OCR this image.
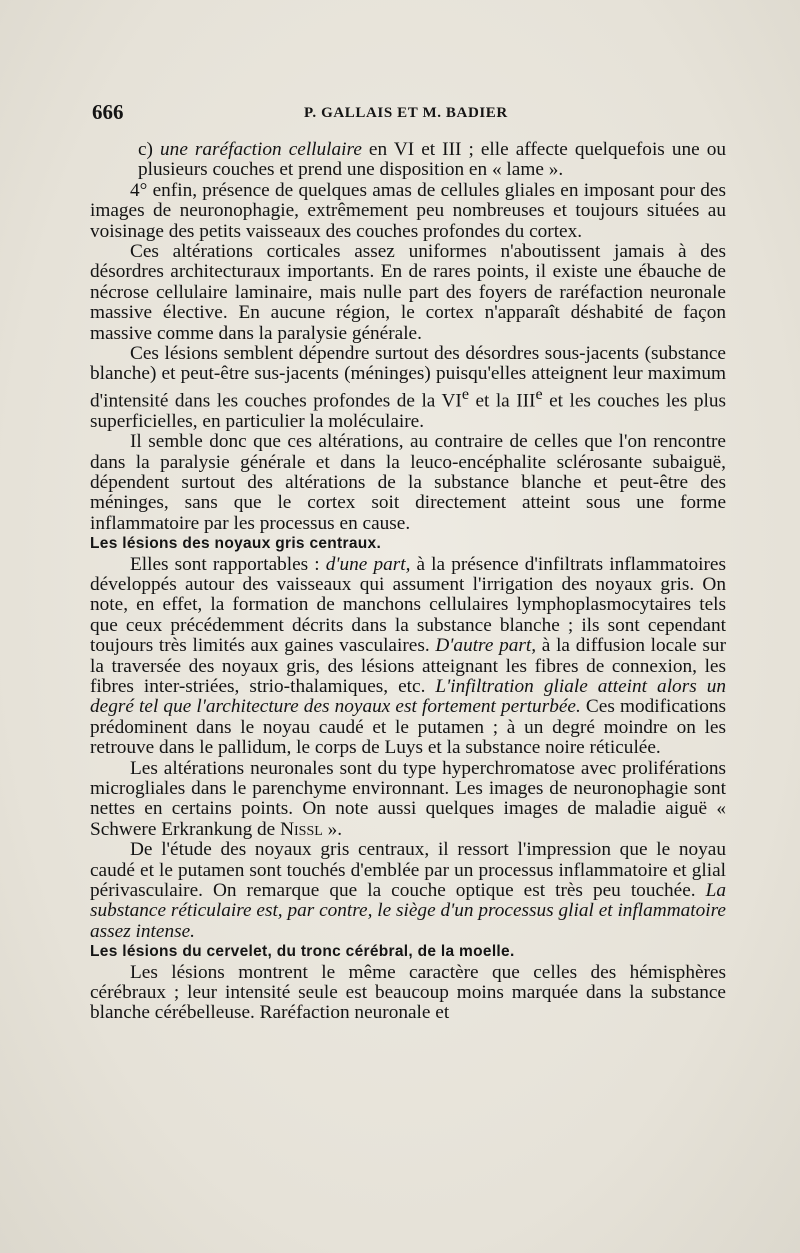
666	P. GALLAIS ET M. BADIER

c) une raréfaction cellulaire en VI et III ; elle affecte quelquefois une ou plusieurs couches et prend une disposition en « lame ».

4° enfin, présence de quelques amas de cellules gliales en imposant pour des images de neuronophagie, extrêmement peu nombreuses et toujours situées au voisinage des petits vaisseaux des couches profondes du cortex.

Ces altérations corticales assez uniformes n'aboutissent jamais à des désordres architecturaux importants. En de rares points, il existe une ébauche de nécrose cellulaire laminaire, mais nulle part des foyers de raréfaction neuronale massive élective. En aucune région, le cortex n'apparaît déshabité de façon massive comme dans la paralysie générale.

Ces lésions semblent dépendre surtout des désordres sous-jacents (substance blanche) et peut-être sus-jacents (méninges) puisqu'elles atteignent leur maximum d'intensité dans les couches profondes de la VIe et la IIIe et les couches les plus superficielles, en particulier la moléculaire.

Il semble donc que ces altérations, au contraire de celles que l'on rencontre dans la paralysie générale et dans la leuco-encéphalite sclérosante subaiguë, dépendent surtout des altérations de la substance blanche et peut-être des méninges, sans que le cortex soit directement atteint sous une forme inflammatoire par les processus en cause.

Les lésions des noyaux gris centraux.

Elles sont rapportables : d'une part, à la présence d'infiltrats inflammatoires développés autour des vaisseaux qui assument l'irrigation des noyaux gris. On note, en effet, la formation de manchons cellulaires lymphoplasmocytaires tels que ceux précédemment décrits dans la substance blanche ; ils sont cependant toujours très limités aux gaines vasculaires. D'autre part, à la diffusion locale sur la traversée des noyaux gris, des lésions atteignant les fibres de connexion, les fibres inter-striées, strio-thalamiques, etc. L'infiltration gliale atteint alors un degré tel que l'architecture des noyaux est fortement perturbée. Ces modifications prédominent dans le noyau caudé et le putamen ; à un degré moindre on les retrouve dans le pallidum, le corps de Luys et la substance noire réticulée.

Les altérations neuronales sont du type hyperchromatose avec proliférations microgliales dans le parenchyme environnant. Les images de neuronophagie sont nettes en certains points. On note aussi quelques images de maladie aiguë « Schwere Erkrankung de Nissl ».

De l'étude des noyaux gris centraux, il ressort l'impression que le noyau caudé et le putamen sont touchés d'emblée par un processus inflammatoire et glial périvasculaire. On remarque que la couche optique est très peu touchée. La substance réticulaire est, par contre, le siège d'un processus glial et inflammatoire assez intense.

Les lésions du cervelet, du tronc cérébral, de la moelle.

Les lésions montrent le même caractère que celles des hémisphères cérébraux ; leur intensité seule est beaucoup moins marquée dans la substance blanche cérébelleuse. Raréfaction neuronale et
